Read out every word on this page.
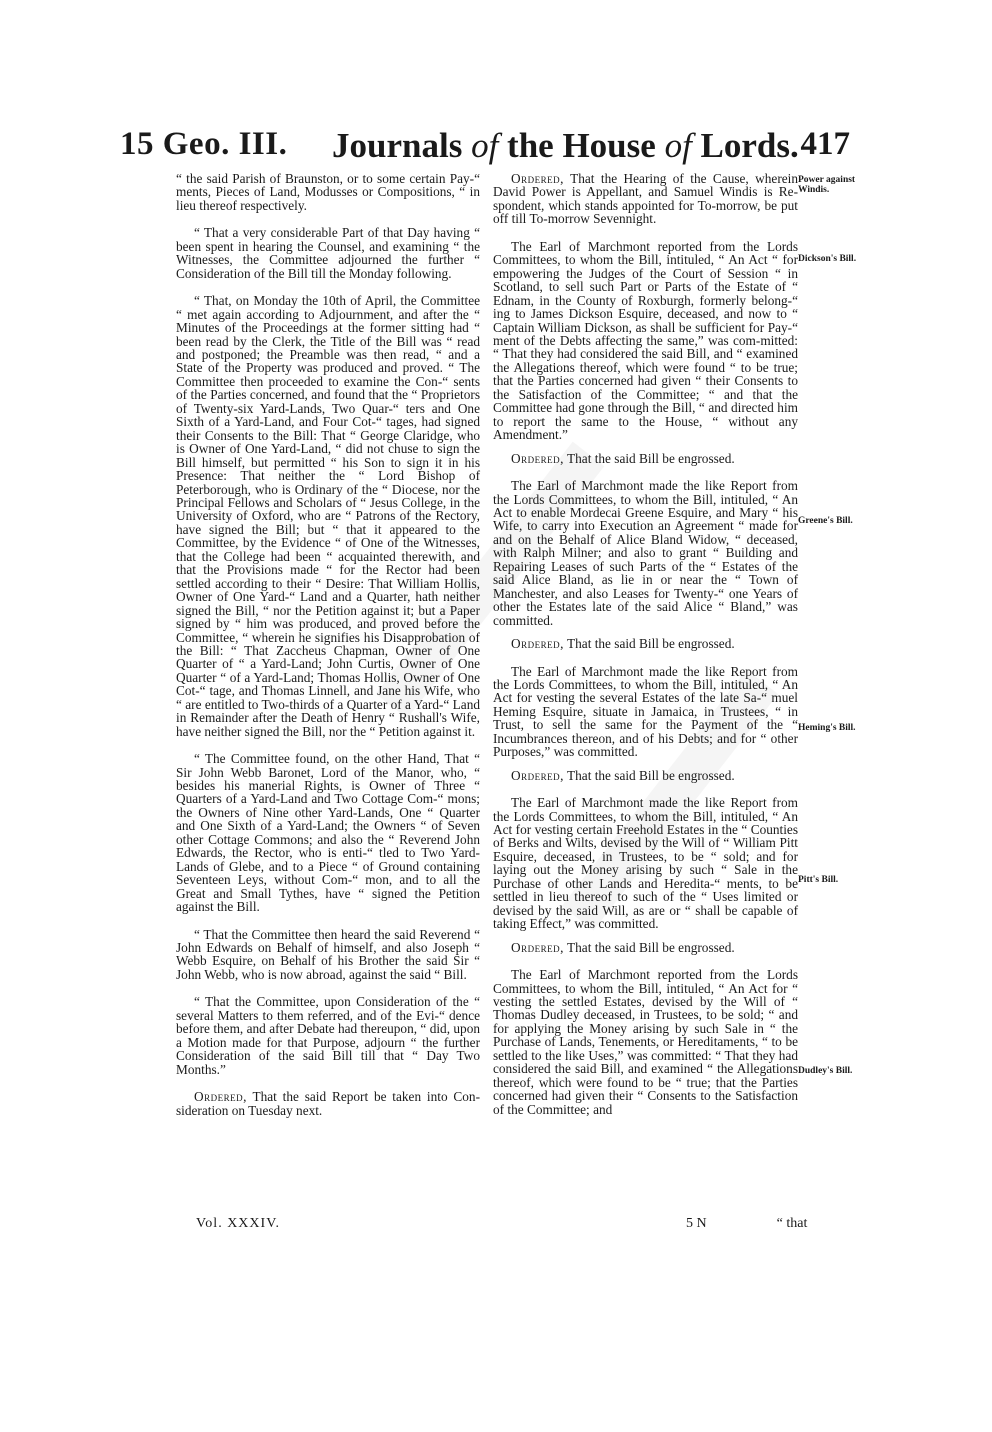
15 Geo. III. Journals of the House of Lords. 417

“ the said Parish of Braunston, or to some certain Pay-“ ments, Pieces of Land, Modusses or Compositions, “ in lieu thereof respectively.

“ That a very considerable Part of that Day having “ been spent in hearing the Counsel, and examining “ the Witnesses, the Committee adjourned the further “ Consideration of the Bill till the Monday following.

“ That, on Monday the 10th of April, the Committee “ met again according to Adjournment, and after the “ Minutes of the Proceedings at the former sitting had “ been read by the Clerk, the Title of the Bill was “ read and postponed; the Preamble was then read, “ and a State of the Property was produced and proved. “ The Committee then proceeded to examine the Con-“ sents of the Parties concerned, and found that the “ Proprietors of Twenty-six Yard-Lands, Two Quar-“ ters and One Sixth of a Yard-Land, and Four Cot-“ tages, had signed their Consents to the Bill: That “ George Claridge, who is Owner of One Yard-Land, “ did not chuse to sign the Bill himself, but permitted “ his Son to sign it in his Presence: That neither the “ Lord Bishop of Peterborough, who is Ordinary of the “ Diocese, nor the Principal Fellows and Scholars of “ Jesus College, in the University of Oxford, who are “ Patrons of the Rectory, have signed the Bill; but “ that it appeared to the Committee, by the Evidence “ of One of the Witnesses, that the College had been “ acquainted therewith, and that the Provisions made “ for the Rector had been settled according to their “ Desire: That William Hollis, Owner of One Yard-“ Land and a Quarter, hath neither signed the Bill, “ nor the Petition against it; but a Paper signed by “ him was produced, and proved before the Committee, “ wherein he signifies his Disapprobation of the Bill: “ That Zaccheus Chapman, Owner of One Quarter of “ a Yard-Land; John Curtis, Owner of One Quarter “ of a Yard-Land; Thomas Hollis, Owner of One Cot-“ tage, and Thomas Linnell, and Jane his Wife, who “ are entitled to Two-thirds of a Quarter of a Yard-“ Land in Remainder after the Death of Henry “ Rushall's Wife, have neither signed the Bill, nor the “ Petition against it.

“ The Committee found, on the other Hand, That “ Sir John Webb Baronet, Lord of the Manor, who, “ besides his manerial Rights, is Owner of Three “ Quarters of a Yard-Land and Two Cottage Com-“ mons; the Owners of Nine other Yard-Lands, One “ Quarter and One Sixth of a Yard-Land; the Owners “ of Seven other Cottage Commons; and also the “ Reverend John Edwards, the Rector, who is enti-“ tled to Two Yard-Lands of Glebe, and to a Piece “ of Ground containing Seventeen Leys, without Com-“ mon, and to all the Great and Small Tythes, have “ signed the Petition against the Bill.

“ That the Committee then heard the said Reverend “ John Edwards on Behalf of himself, and also Joseph “ Webb Esquire, on Behalf of his Brother the said Sir “ John Webb, who is now abroad, against the said “ Bill.

“ That the Committee, upon Consideration of the “ several Matters to them referred, and of the Evi-“ dence before them, and after Debate had thereupon, “ did, upon a Motion made for that Purpose, adjourn “ the further Consideration of the said Bill till that “ Day Two Months.”

Ordered, That the said Report be taken into Con-sideration on Tuesday next.

Ordered, That the Hearing of the Cause, wherein David Power is Appellant, and Samuel Windis is Re-spondent, which stands appointed for To-morrow, be put off till To-morrow Sevennight.

The Earl of Marchmont reported from the Lords Committees, to whom the Bill, intituled, “ An Act “ for empowering the Judges of the Court of Session “ in Scotland, to sell such Part or Parts of the Estate of “ Ednam, in the County of Roxburgh, formerly belong-“ ing to James Dickson Esquire, deceased, and now to “ Captain William Dickson, as shall be sufficient for Pay-“ ment of the Debts affecting the same,” was com-mitted: “ That they had considered the said Bill, and “ examined the Allegations thereof, which were found “ to be true; that the Parties concerned had given “ their Consents to the Satisfaction of the Committee; “ and that the Committee had gone through the Bill, “ and directed him to report the same to the House, “ without any Amendment.”

Ordered, That the said Bill be engrossed.

The Earl of Marchmont made the like Report from the Lords Committees, to whom the Bill, intituled, “ An Act to enable Mordecai Greene Esquire, and Mary “ his Wife, to carry into Execution an Agreement “ made for and on the Behalf of Alice Bland Widow, “ deceased, with Ralph Milner; and also to grant “ Building and Repairing Leases of such Parts of the “ Estates of the said Alice Bland, as lie in or near the “ Town of Manchester, and also Leases for Twenty-“ one Years of other the Estates late of the said Alice “ Bland,” was committed.

Ordered, That the said Bill be engrossed.

The Earl of Marchmont made the like Report from the Lords Committees, to whom the Bill, intituled, “ An Act for vesting the several Estates of the late Sa-“ muel Heming Esquire, situate in Jamaica, in Trustees, “ in Trust, to sell the same for the Payment of the “ Incumbrances thereon, and of his Debts; and for “ other Purposes,” was committed.

Ordered, That the said Bill be engrossed.

The Earl of Marchmont made the like Report from the Lords Committees, to whom the Bill, intituled, “ An Act for vesting certain Freehold Estates in the “ Counties of Berks and Wilts, devised by the Will of “ William Pitt Esquire, deceased, in Trustees, to be “ sold; and for laying out the Money arising by such “ Sale in the Purchase of other Lands and Heredita-“ ments, to be settled in lieu thereof to such of the “ Uses limited or devised by the said Will, as are or “ shall be capable of taking Effect,” was committed.

Ordered, That the said Bill be engrossed.

The Earl of Marchmont reported from the Lords Committees, to whom the Bill, intituled, “ An Act for “ vesting the settled Estates, devised by the Will of “ Thomas Dudley deceased, in Trustees, to be sold; “ and for applying the Money arising by such Sale in “ the Purchase of Lands, Tenements, or Hereditaments, “ to be settled to the like Uses,” was committed: “ That they had considered the said Bill, and examined “ the Allegations thereof, which were found to be “ true; that the Parties concerned had given their “ Consents to the Satisfaction of the Committee; and

Power against Windis.
Dickson's Bill.
Greene's Bill.
Heming's Bill.
Pitt's Bill.
Dudley's Bill.
Vol. XXXIV.	5 N	“ that
